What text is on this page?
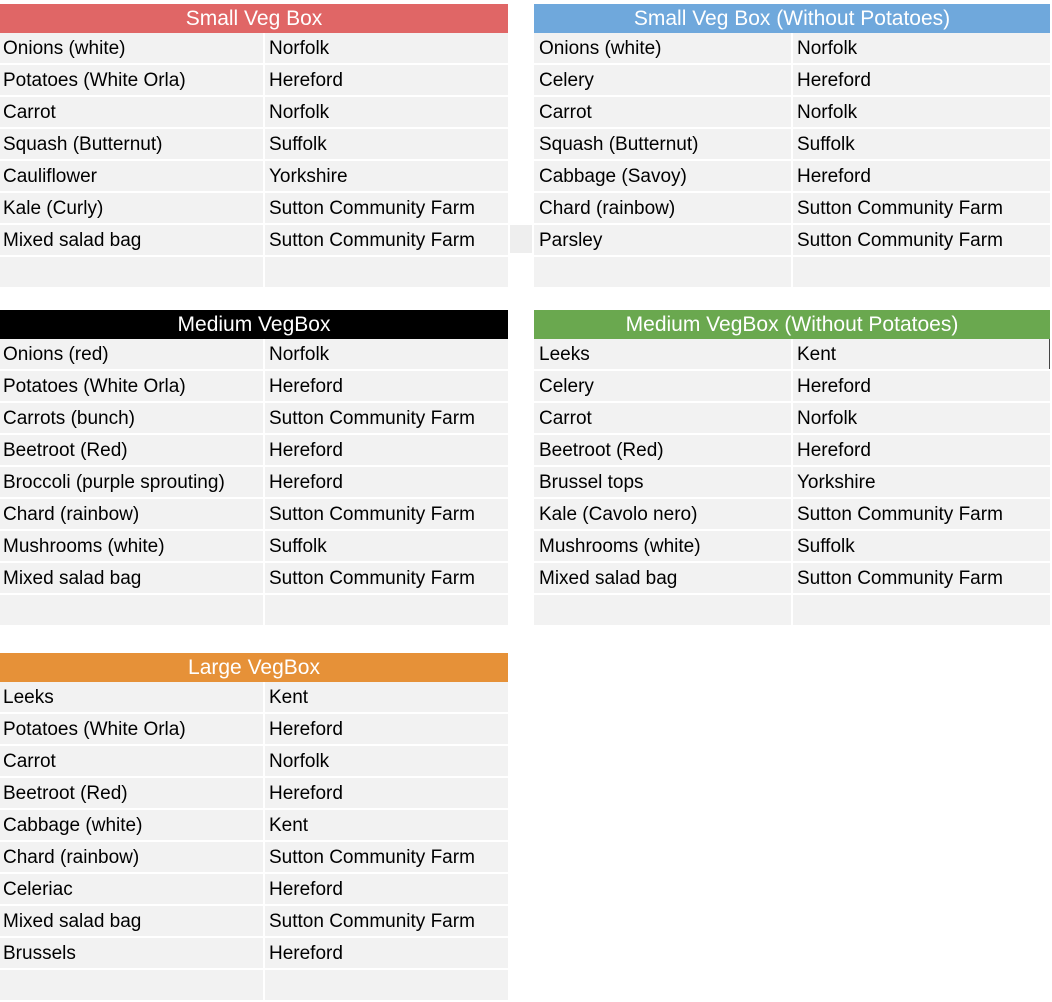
Small Veg Box
Onions (white)	Norfolk
Potatoes (White Orla)	Hereford
Carrot	Norfolk
Squash (Butternut)	Suffolk
Cauliflower	Yorkshire
Kale (Curly)	Sutton Community Farm
Mixed salad bag	Sutton Community Farm
Small Veg Box (Without Potatoes)
Onions (white)	Norfolk
Celery	Hereford
Carrot	Norfolk
Squash (Butternut)	Suffolk
Cabbage (Savoy)	Hereford
Chard (rainbow)	Sutton Community Farm
Parsley	Sutton Community Farm
Medium VegBox
Onions (red)	Norfolk
Potatoes (White Orla)	Hereford
Carrots (bunch)	Sutton Community Farm
Beetroot (Red)	Hereford
Broccoli (purple sprouting)	Hereford
Chard (rainbow)	Sutton Community Farm
Mushrooms (white)	Suffolk
Mixed salad bag	Sutton Community Farm
Medium VegBox (Without Potatoes)
Leeks	Kent
Celery	Hereford
Carrot	Norfolk
Beetroot (Red)	Hereford
Brussel tops	Yorkshire
Kale (Cavolo nero)	Sutton Community Farm
Mushrooms (white)	Suffolk
Mixed salad bag	Sutton Community Farm
Large VegBox
Leeks	Kent
Potatoes (White Orla)	Hereford
Carrot	Norfolk
Beetroot (Red)	Hereford
Cabbage (white)	Kent
Chard (rainbow)	Sutton Community Farm
Celeriac	Hereford
Mixed salad bag	Sutton Community Farm
Brussels	Hereford
